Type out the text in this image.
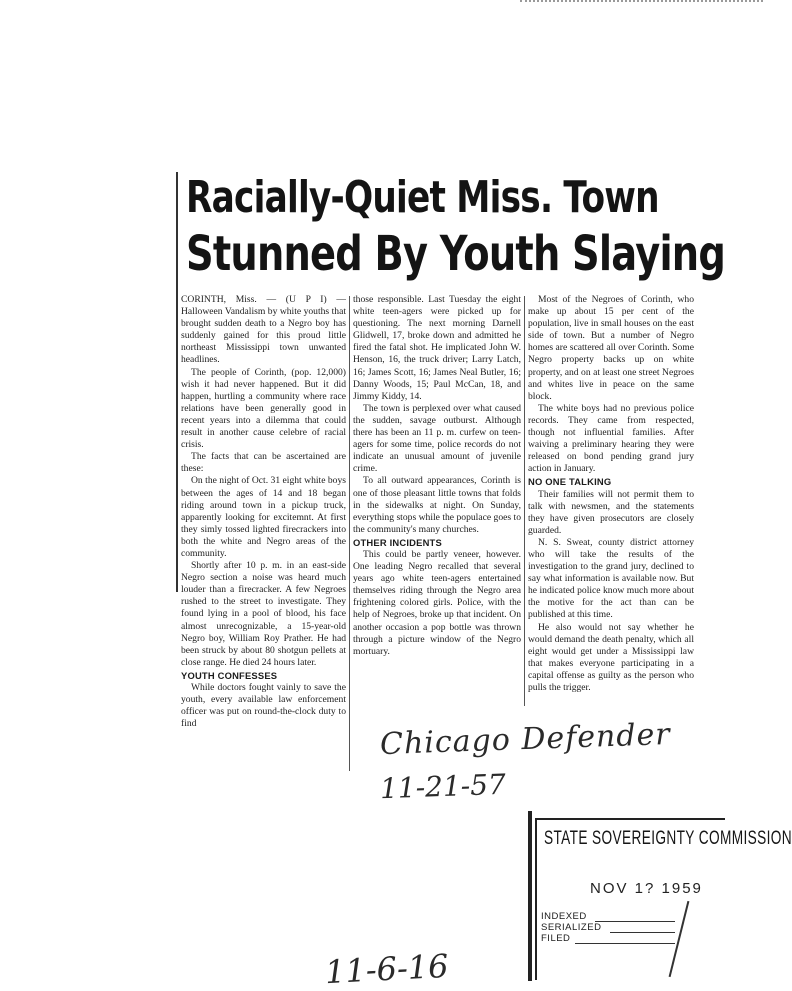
Racially-Quiet Miss. Town
Stunned By Youth Slaying

CORINTH, Miss. — (U P I) — Halloween Vandalism by white youths that brought sudden death to a Negro boy has suddenly gained for this proud little northeast Mississippi town unwanted headlines.

The people of Corinth, (pop. 12,000) wish it had never happened. But it did happen, hurtling a community where race relations have been generally good in recent years into a dilemma that could result in another cause celebre of racial crisis.

The facts that can be ascertained are these:

On the night of Oct. 31 eight white boys between the ages of 14 and 18 began riding around town in a pickup truck, apparently looking for excitemnt. At first they simly tossed lighted firecrackers into both the white and Negro areas of the community.

Shortly after 10 p. m. in an east-side Negro section a noise was heard much louder than a firecracker. A few Negroes rushed to the street to investigate. They found lying in a pool of blood, his face almost unrecognizable, a 15-year-old Negro boy, William Roy Prather. He had been struck by about 80 shotgun pellets at close range. He died 24 hours later.

YOUTH CONFESSES

While doctors fought vainly to save the youth, every available law enforcement officer was put on round-the-clock duty to find

those responsible. Last Tuesday the eight white teen-agers were picked up for questioning. The next morning Darnell Glidwell, 17, broke down and admitted he fired the fatal shot. He implicated John W. Henson, 16, the truck driver; Larry Latch, 16; James Scott, 16; James Neal Butler, 16; Danny Woods, 15; Paul McCan, 18, and Jimmy Kiddy, 14.

The town is perplexed over what caused the sudden, savage outburst. Although there has been an 11 p. m. curfew on teen-agers for some time, police records do not indicate an unusual amount of juvenile crime.

To all outward appearances, Corinth is one of those pleasant little towns that folds in the sidewalks at night. On Sunday, everything stops while the populace goes to the community's many churches.

OTHER INCIDENTS

This could be partly veneer, however. One leading Negro recalled that several years ago white teen-agers entertained themselves riding through the Negro area frightening colored girls. Police, with the help of Negroes, broke up that incident. On another occasion a pop bottle was thrown through a picture window of the Negro mortuary.

Most of the Negroes of Corinth, who make up about 15 per cent of the population, live in small houses on the east side of town. But a number of Negro homes are scattered all over Corinth. Some Negro property backs up on white property, and on at least one street Negroes and whites live in peace on the same block.

The white boys had no previous police records. They came from respected, though not influential families. After waiving a preliminary hearing they were released on bond pending grand jury action in January.

NO ONE TALKING

Their families will not permit them to talk with newsmen, and the statements they have given prosecutors are closely guarded.

N. S. Sweat, county district attorney who will take the results of the investigation to the grand jury, declined to say what information is available now. But he indicated police know much more about the motive for the act than can be published at this time.

He also would not say whether he would demand the death penalty, which all eight would get under a Mississippi law that makes everyone participating in a capital offense as guilty as the person who pulls the trigger.

Chicago Defender
11-21-57
11-6-16
STATE SOVEREIGNTY COMMISSION
NOV 1? 1959
INDEXED
SERIALIZED
FILED
